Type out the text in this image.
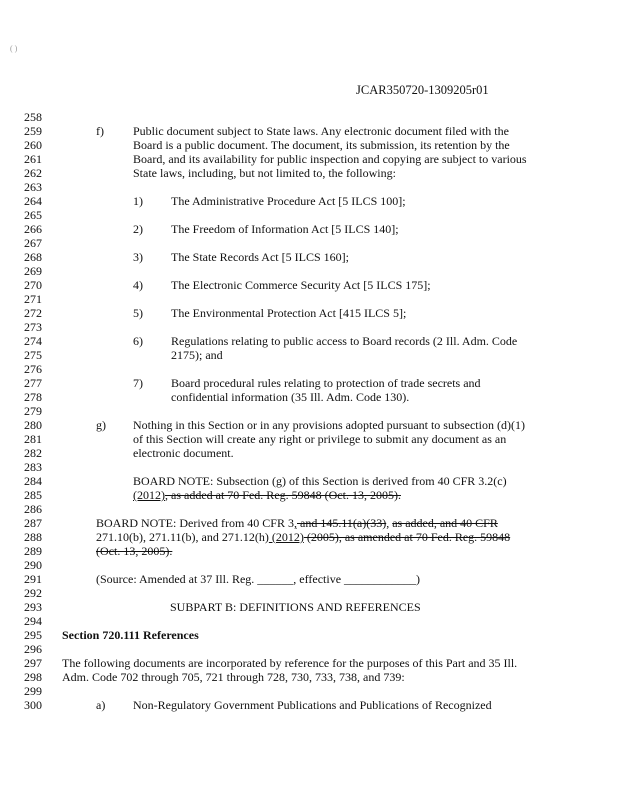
( )
JCAR350720-1309205r01
258
259
260
261
262
263
264
265
266
267
268
269
270
271
272
273
274
275
276
277
278
279
280
281
282
283
284
285
286
287
288
289
290
291
292
293
294
295
296
297
298
299
300
f) Public document subject to State laws. Any electronic document filed with the
Board is a public document. The document, its submission, its retention by the
Board, and its availability for public inspection and copying are subject to various
State laws, including, but not limited to, the following:
1) The Administrative Procedure Act [5 ILCS 100];
2) The Freedom of Information Act [5 ILCS 140];
3) The State Records Act [5 ILCS 160];
4) The Electronic Commerce Security Act [5 ILCS 175];
5) The Environmental Protection Act [415 ILCS 5];
6) Regulations relating to public access to Board records (2 Ill. Adm. Code
2175); and
7) Board procedural rules relating to protection of trade secrets and
confidential information (35 Ill. Adm. Code 130).
g) Nothing in this Section or in any provisions adopted pursuant to subsection (d)(1)
of this Section will create any right or privilege to submit any document as an
electronic document.
BOARD NOTE: Subsection (g) of this Section is derived from 40 CFR 3.2(c)
(2012), as added at 70 Fed. Reg. 59848 (Oct. 13, 2005).
BOARD NOTE: Derived from 40 CFR 3, and 145.11(a)(33), as added, and 40 CFR
271.10(b), 271.11(b), and 271.12(h) (2012) (2005), as amended at 70 Fed. Reg. 59848
(Oct. 13, 2005).
(Source: Amended at 37 Ill. Reg. ______, effective ____________)
SUBPART B: DEFINITIONS AND REFERENCES
Section 720.111 References
The following documents are incorporated by reference for the purposes of this Part and 35 Ill.
Adm. Code 702 through 705, 721 through 728, 730, 733, 738, and 739:
a) Non-Regulatory Government Publications and Publications of Recognized
